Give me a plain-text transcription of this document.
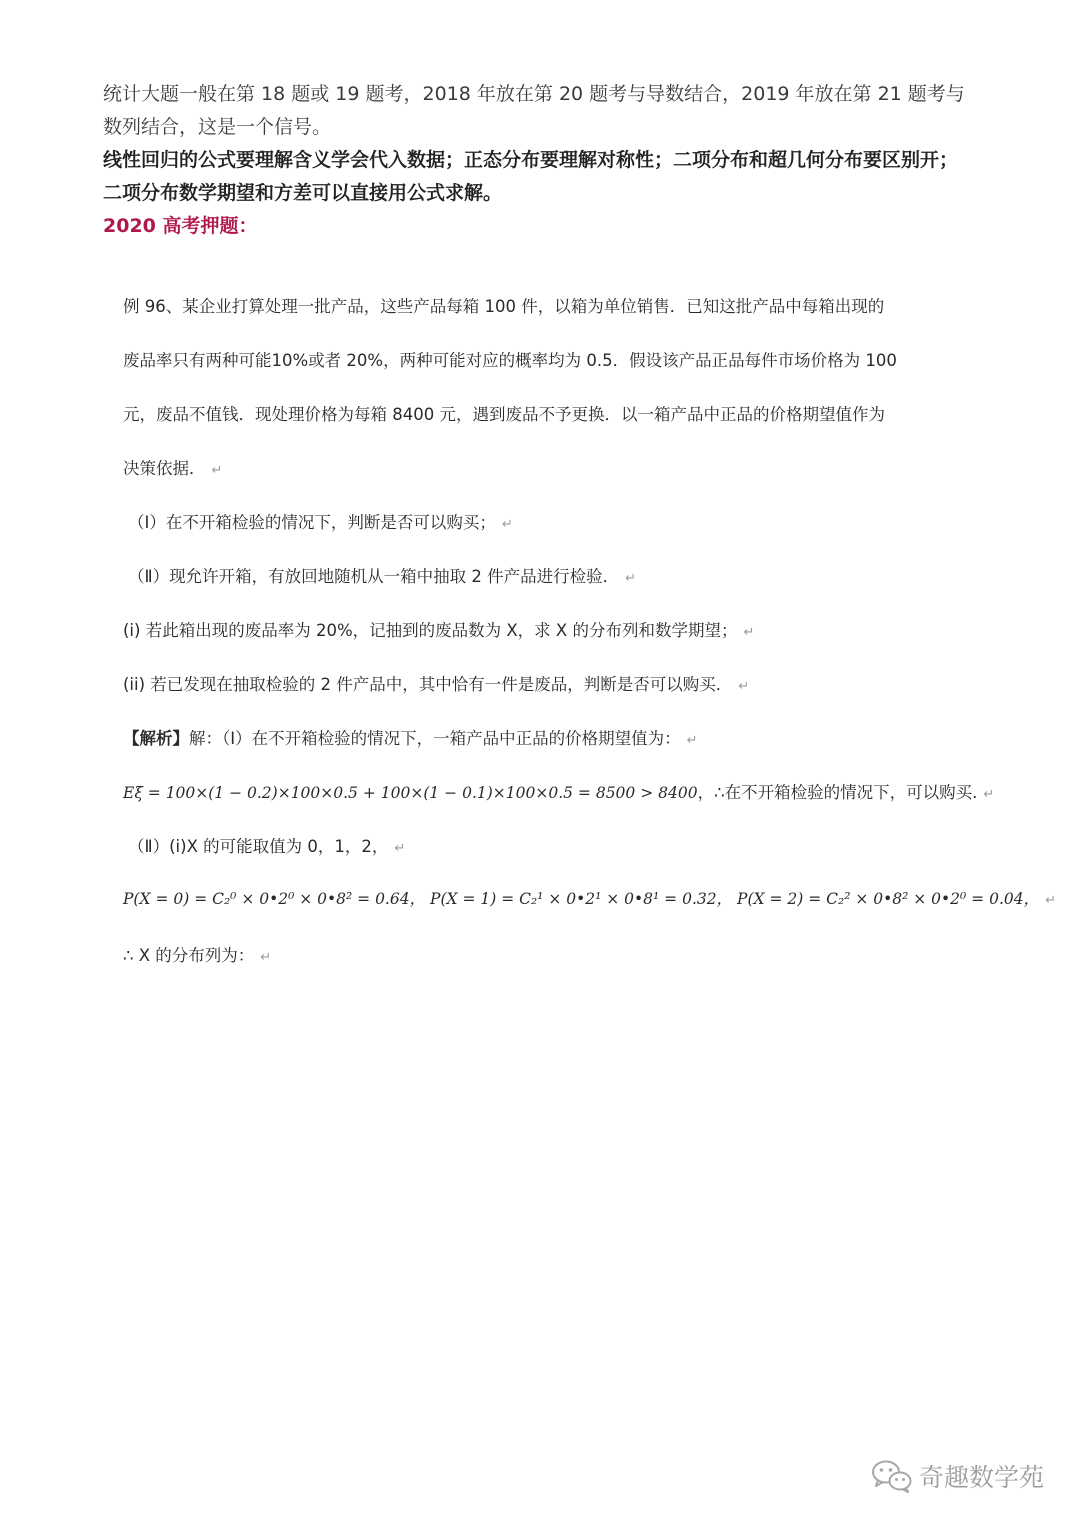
统计大题一般在第 18 题或 19 题考，2018 年放在第 20 题考与导数结合，2019 年放在第 21 题考与

数列结合，这是一个信号。

线性回归的公式要理解含义学会代入数据；正态分布要理解对称性；二项分布和超几何分布要区别开；

二项分布数学期望和方差可以直接用公式求解。

2020 高考押题：

例 96、某企业打算处理一批产品，这些产品每箱 100 件，以箱为单位销售．已知这批产品中每箱出现的
废品率只有两种可能10%或者 20%，两种可能对应的概率均为 0.5．假设该产品正品每件市场价格为 100
元，废品不值钱．现处理价格为每箱 8400 元，遇到废品不予更换．以一箱产品中正品的价格期望值作为
决策依据． ↵
（Ⅰ）在不开箱检验的情况下，判断是否可以购买； ↵
（Ⅱ）现允许开箱，有放回地随机从一箱中抽取 2 件产品进行检验． ↵
(i) 若此箱出现的废品率为 20%，记抽到的废品数为 X，求 X 的分布列和数学期望； ↵
(ii) 若已发现在抽取检验的 2 件产品中，其中恰有一件是废品，判断是否可以购买． ↵
【解析】解：（Ⅰ）在不开箱检验的情况下，一箱产品中正品的价格期望值为： ↵
Eξ = 100×(1 − 0.2)×100×0.5 + 100×(1 − 0.1)×100×0.5 = 8500 > 8400，∴在不开箱检验的情况下，可以购买. ↵
（Ⅱ）(i)X 的可能取值为 0，1，2， ↵
P(X = 0) = C₂⁰ × 0•2⁰ × 0•8² = 0.64， P(X = 1) = C₂¹ × 0•2¹ × 0•8¹ = 0.32， P(X = 2) = C₂² × 0•8² × 0•2⁰ = 0.04， ↵
∴ X 的分布列为： ↵
奇趣数学苑
